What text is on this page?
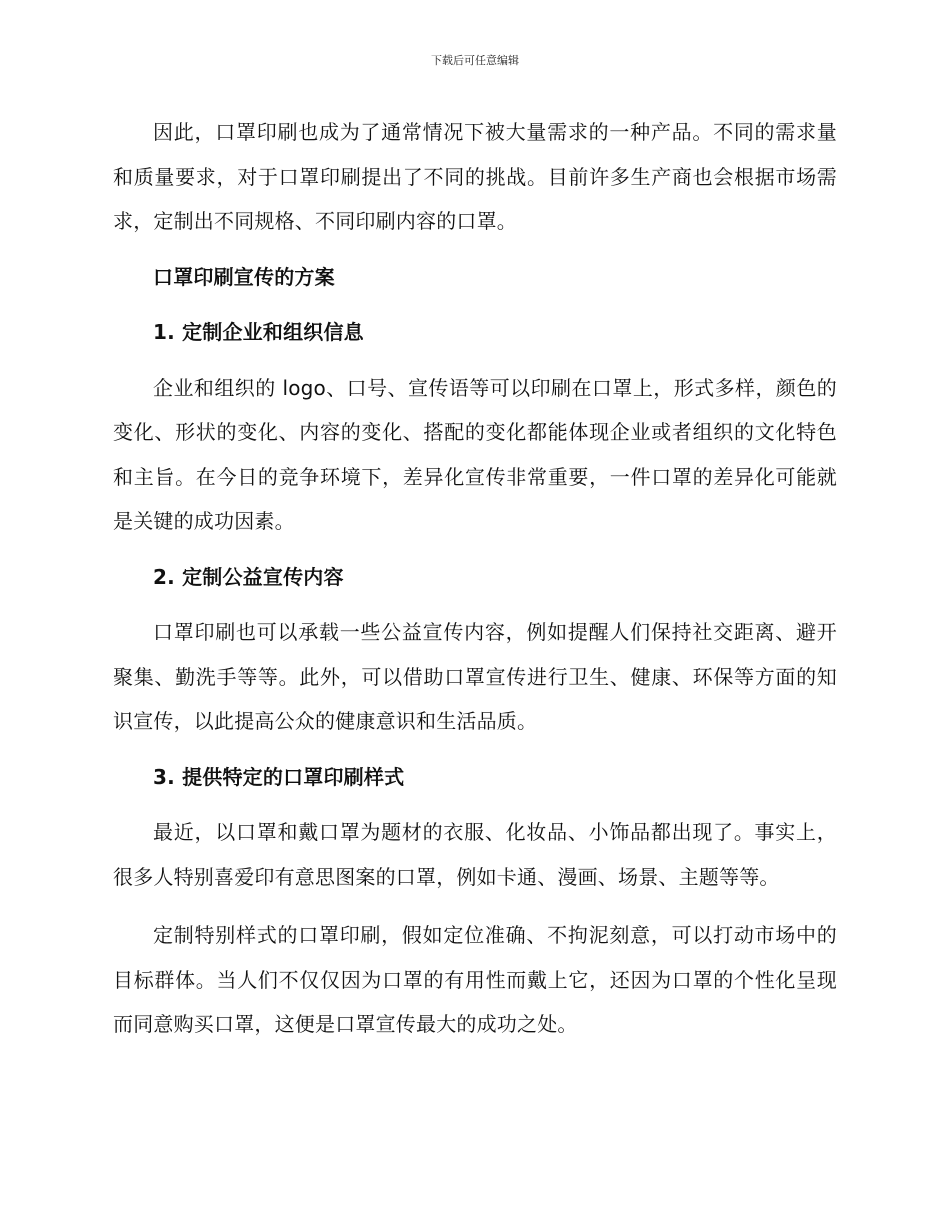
下载后可任意编辑

因此，口罩印刷也成为了通常情况下被大量需求的一种产品。不同的需求量和质量要求，对于口罩印刷提出了不同的挑战。目前许多生产商也会根据市场需求，定制出不同规格、不同印刷内容的口罩。

口罩印刷宣传的方案
1. 定制企业和组织信息

企业和组织的 logo、口号、宣传语等可以印刷在口罩上，形式多样，颜色的变化、形状的变化、内容的变化、搭配的变化都能体现企业或者组织的文化特色和主旨。在今日的竞争环境下，差异化宣传非常重要，一件口罩的差异化可能就是关键的成功因素。

2. 定制公益宣传内容

口罩印刷也可以承载一些公益宣传内容，例如提醒人们保持社交距离、避开聚集、勤洗手等等。此外，可以借助口罩宣传进行卫生、健康、环保等方面的知识宣传，以此提高公众的健康意识和生活品质。

3. 提供特定的口罩印刷样式

最近，以口罩和戴口罩为题材的衣服、化妆品、小饰品都出现了。事实上，很多人特别喜爱印有意思图案的口罩，例如卡通、漫画、场景、主题等等。

定制特别样式的口罩印刷，假如定位准确、不拘泥刻意，可以打动市场中的目标群体。当人们不仅仅因为口罩的有用性而戴上它，还因为口罩的个性化呈现而同意购买口罩，这便是口罩宣传最大的成功之处。
